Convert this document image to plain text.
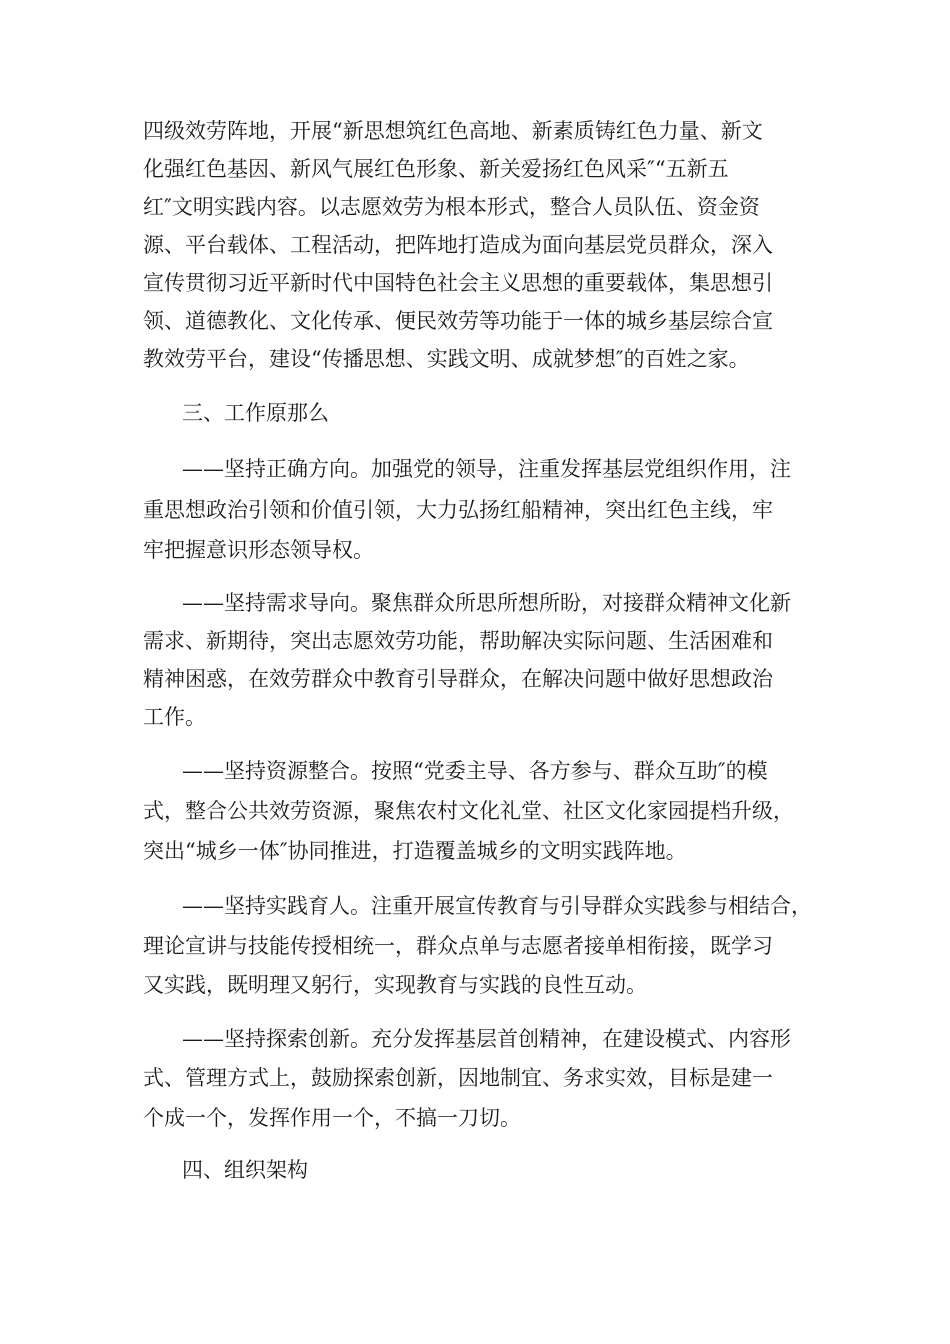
四级效劳阵地，开展“新思想筑红色高地、新素质铸红色力量、新文
化强红色基因、新风气展红色形象、新关爱扬红色风采″“五新五
红″文明实践内容。以志愿效劳为根本形式，整合人员队伍、资金资
源、平台载体、工程活动，把阵地打造成为面向基层党员群众，深入
宣传贯彻习近平新时代中国特色社会主义思想的重要载体，集思想引
领、道德教化、文化传承、便民效劳等功能于一体的城乡基层综合宣
教效劳平台，建设“传播思想、实践文明、成就梦想″的百姓之家。
三、工作原那么
——坚持正确方向。加强党的领导，注重发挥基层党组织作用，注
重思想政治引领和价值引领，大力弘扬红船精神，突出红色主线，牢
牢把握意识形态领导权。
——坚持需求导向。聚焦群众所思所想所盼，对接群众精神文化新
需求、新期待，突出志愿效劳功能，帮助解决实际问题、生活困难和
精神困惑，在效劳群众中教育引导群众，在解决问题中做好思想政治
工作。
——坚持资源整合。按照“党委主导、各方参与、群众互助″的模
式，整合公共效劳资源，聚焦农村文化礼堂、社区文化家园提档升级，
突出“城乡一体″协同推进，打造覆盖城乡的文明实践阵地。
——坚持实践育人。注重开展宣传教育与引导群众实践参与相结合，
理论宣讲与技能传授相统一，群众点单与志愿者接单相衔接，既学习
又实践，既明理又躬行，实现教育与实践的良性互动。
——坚持探索创新。充分发挥基层首创精神，在建设模式、内容形
式、管理方式上，鼓励探索创新，因地制宜、务求实效，目标是建一
个成一个，发挥作用一个，不搞一刀切。
四、组织架构
